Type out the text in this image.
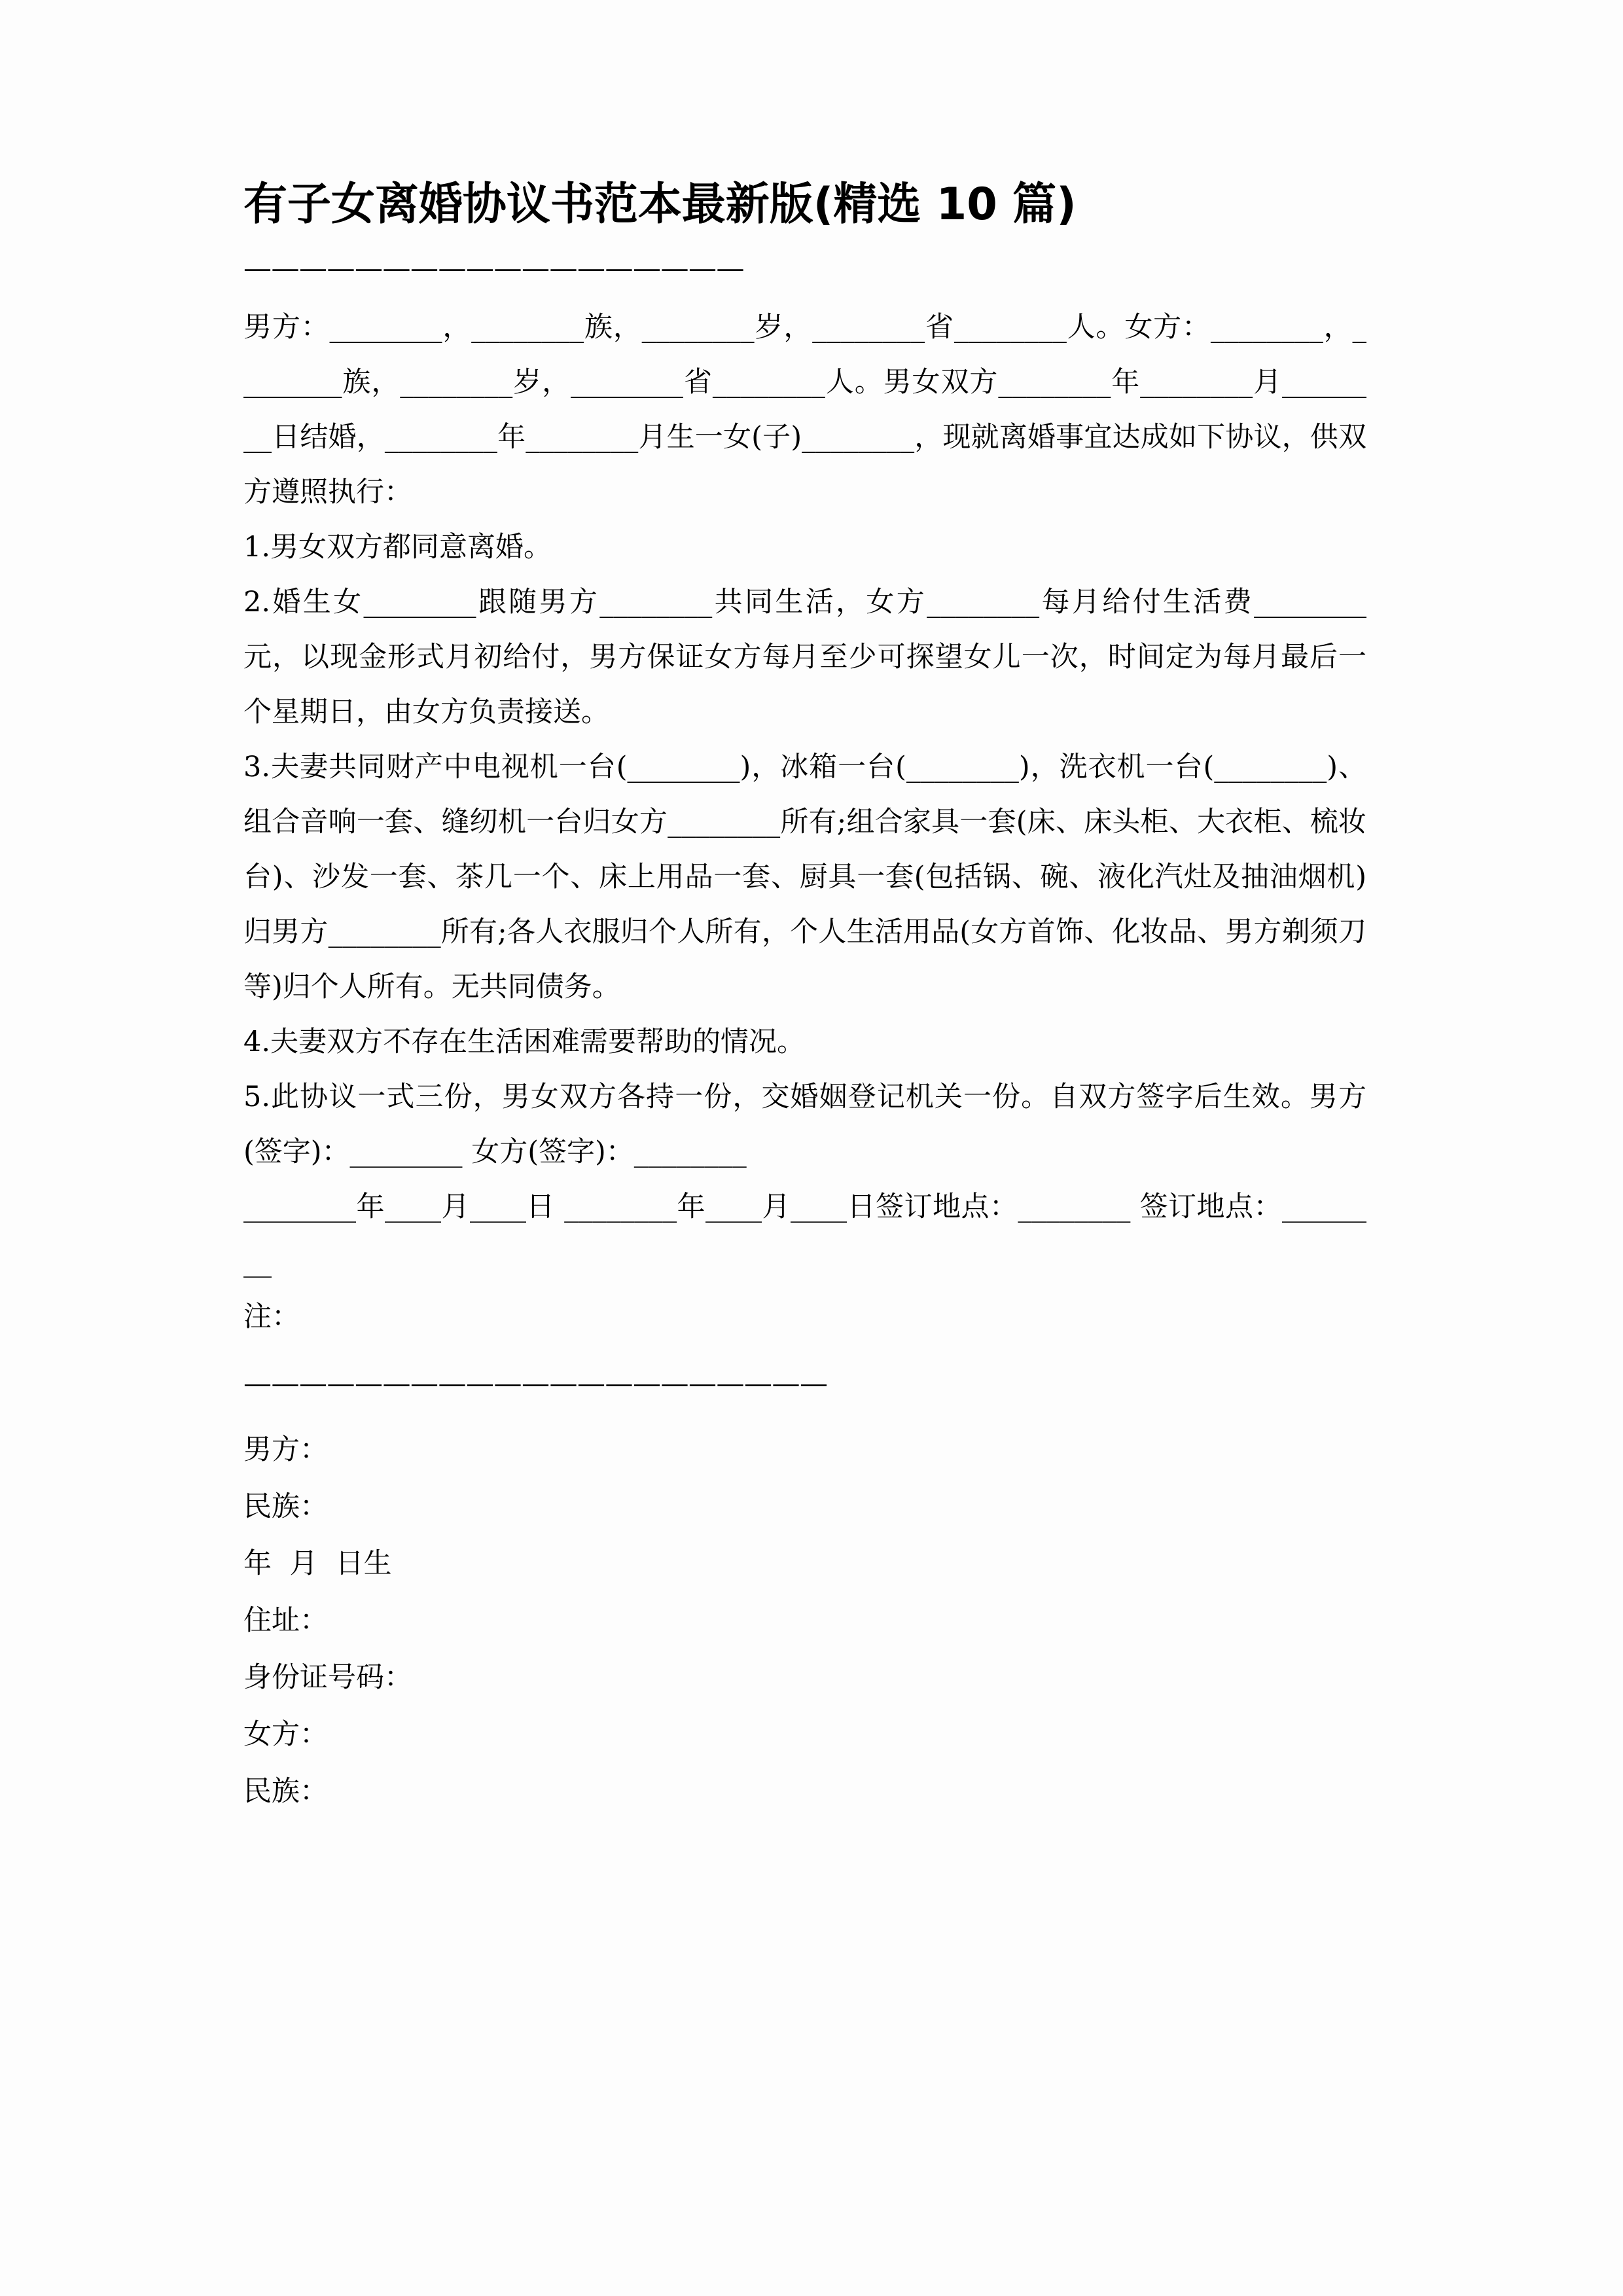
有子女离婚协议书范本最新版(精选 10 篇)
——————————————————

男方：________，________族，________岁，________省________人。女方：________，________族，________岁，________省________人。男女双方________年________月________日结婚，________年________月生一女(子)________，现就离婚事宜达成如下协议，供双方遵照执行：

1.男女双方都同意离婚。

2.婚生女________跟随男方________共同生活，女方________每月给付生活费________元，以现金形式月初给付，男方保证女方每月至少可探望女儿一次，时间定为每月最后一个星期日，由女方负责接送。

3.夫妻共同财产中电视机一台(________)，冰箱一台(________)，洗衣机一台(________)、组合音响一套、缝纫机一台归女方________所有;组合家具一套(床、床头柜、大衣柜、梳妆台)、沙发一套、茶几一个、床上用品一套、厨具一套(包括锅、碗、液化汽灶及抽油烟机)归男方________所有;各人衣服归个人所有，个人生活用品(女方首饰、化妆品、男方剃须刀等)归个人所有。无共同债务。

4.夫妻双方不存在生活困难需要帮助的情况。

5.此协议一式三份，男女双方各持一份，交婚姻登记机关一份。自双方签字后生效。男方(签字)：________ 女方(签字)：________

________年____月____日 ________年____月____日签订地点：________ 签订地点：________

注：

—————————————————————
男方：
民族：
年  月  日生
住址：
身份证号码：
女方：
民族：
